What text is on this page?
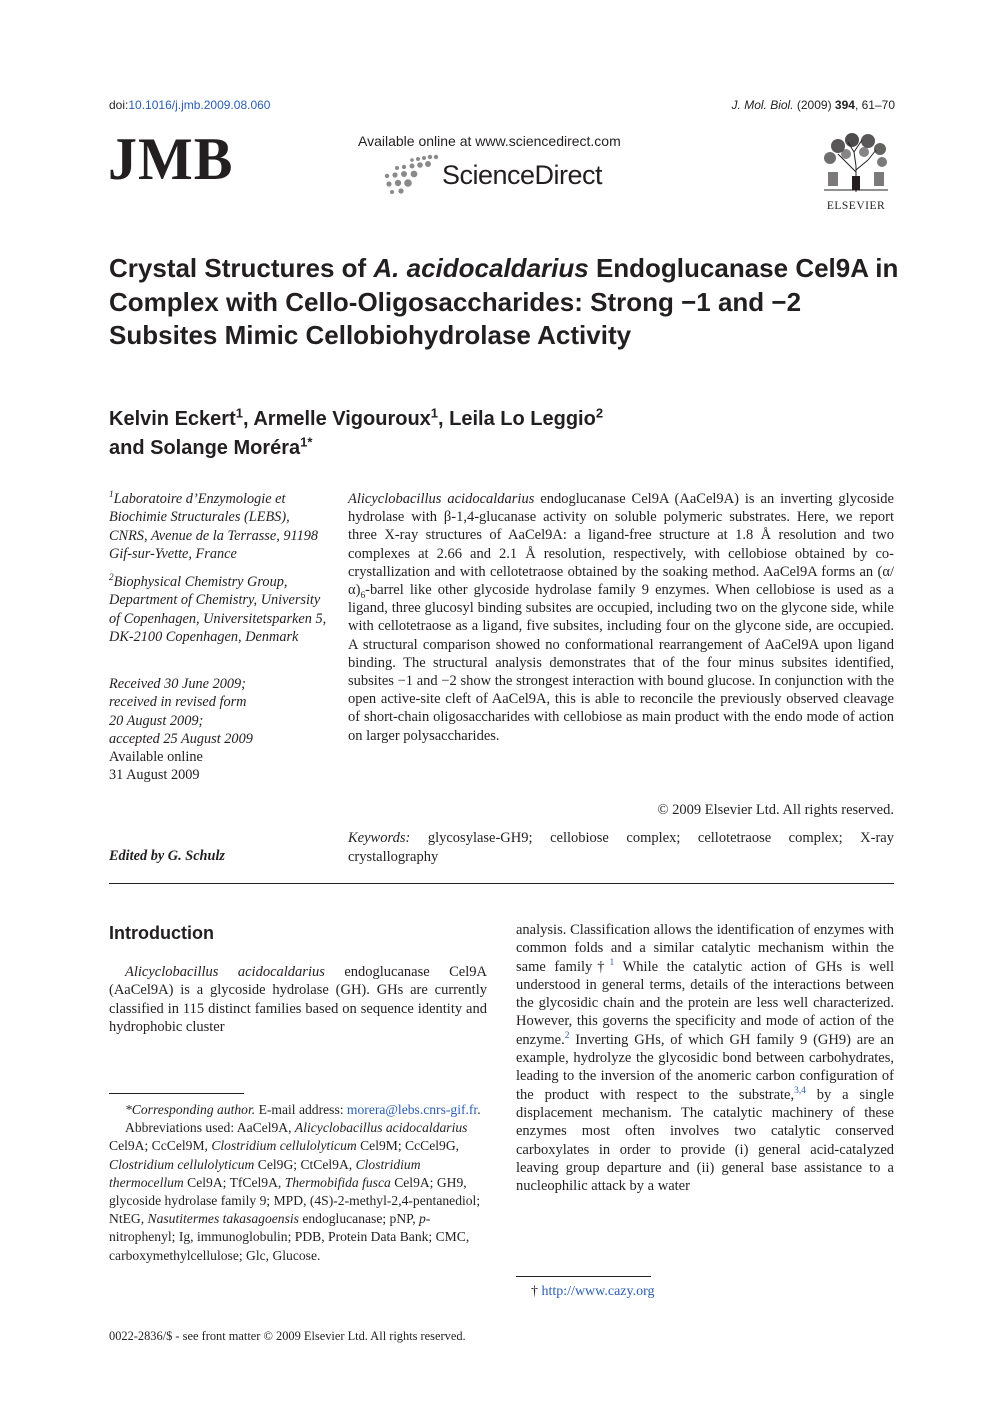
doi:10.1016/j.jmb.2009.08.060	J. Mol. Biol. (2009) 394, 61–70
JMB	Available online at www.sciencedirect.com
ScienceDirect
ELSEVIER
Crystal Structures of A. acidocaldarius Endoglucanase Cel9A in Complex with Cello-Oligosaccharides: Strong −1 and −2 Subsites Mimic Cellobiohydrolase Activity
Kelvin Eckert$^1$, Armelle Vigouroux$^1$, Leila Lo Leggio$^2$
and Solange Moréra$^{1*}$
$^1$Laboratoire d’Enzymologie et Biochimie Structurales (LEBS), CNRS, Avenue de la Terrasse, 91198 Gif-sur-Yvette, France
$^2$Biophysical Chemistry Group, Department of Chemistry, University of Copenhagen, Universitetsparken 5, DK-2100 Copenhagen, Denmark
Received 30 June 2009;
received in revised form
20 August 2009;
accepted 25 August 2009
Available online
31 August 2009
Edited by G. Schulz
Alicyclobacillus acidocaldarius endoglucanase Cel9A (AaCel9A) is an inverting glycoside hydrolase with β-1,4-glucanase activity on soluble polymeric substrates. Here, we report three X-ray structures of AaCel9A: a ligand-free structure at 1.8 Å resolution and two complexes at 2.66 and 2.1 Å resolution, respectively, with cellobiose obtained by co-crystallization and with cellotetraose obtained by the soaking method. AaCel9A forms an $(\alpha/\alpha)_6$-barrel like other glycoside hydrolase family 9 enzymes. When cellobiose is used as a ligand, three glucosyl binding subsites are occupied, including two on the glycone side, while with cellotetraose as a ligand, five subsites, including four on the glycone side, are occupied. A structural comparison showed no conformational rearrangement of AaCel9A upon ligand binding. The structural analysis demonstrates that of the four minus subsites identified, subsites −1 and −2 show the strongest interaction with bound glucose. In conjunction with the open active-site cleft of AaCel9A, this is able to reconcile the previously observed cleavage of short-chain oligosaccharides with cellobiose as main product with the endo mode of action on larger polysaccharides.
© 2009 Elsevier Ltd. All rights reserved.
Keywords: glycosylase-GH9; cellobiose complex; cellotetraose complex; X-ray crystallography
Introduction
Alicyclobacillus acidocaldarius endoglucanase Cel9A (AaCel9A) is a glycoside hydrolase (GH). GHs are currently classified in 115 distinct families based on sequence identity and hydrophobic cluster
analysis. Classification allows the identification of enzymes with common folds and a similar catalytic mechanism within the same family†$^1$ While the catalytic action of GHs is well understood in general terms, details of the interactions between the glycosidic chain and the protein are less well characterized. However, this governs the specificity and mode of action of the enzyme.$^2$ Inverting GHs, of which GH family 9 (GH9) are an example, hydrolyze the glycosidic bond between carbohydrates, leading to the inversion of the anomeric carbon configuration of the product with respect to the substrate,$^{3,4}$ by a single displacement mechanism. The catalytic machinery of these enzymes most often involves two catalytic conserved carboxylates in order to provide (i) general acid-catalyzed leaving group departure and (ii) general base assistance to a nucleophilic attack by a water
*Corresponding author. E-mail address: morera@lebs.cnrs-gif.fr.
Abbreviations used: AaCel9A, Alicyclobacillus acidocaldarius Cel9A; CcCel9M, Clostridium cellulolyticum Cel9M; CcCel9G, Clostridium cellulolyticum Cel9G; CtCel9A, Clostridium thermocellum Cel9A; TfCel9A, Thermobifida fusca Cel9A; GH9, glycoside hydrolase family 9; MPD, (4S)-2-methyl-2,4-pentanediol; NtEG, Nasutitermes takasagoensis endoglucanase; pNP, p-nitrophenyl; Ig, immunoglobulin; PDB, Protein Data Bank; CMC, carboxymethylcellulose; Glc, Glucose.
† http://www.cazy.org
0022-2836/$ - see front matter © 2009 Elsevier Ltd. All rights reserved.
